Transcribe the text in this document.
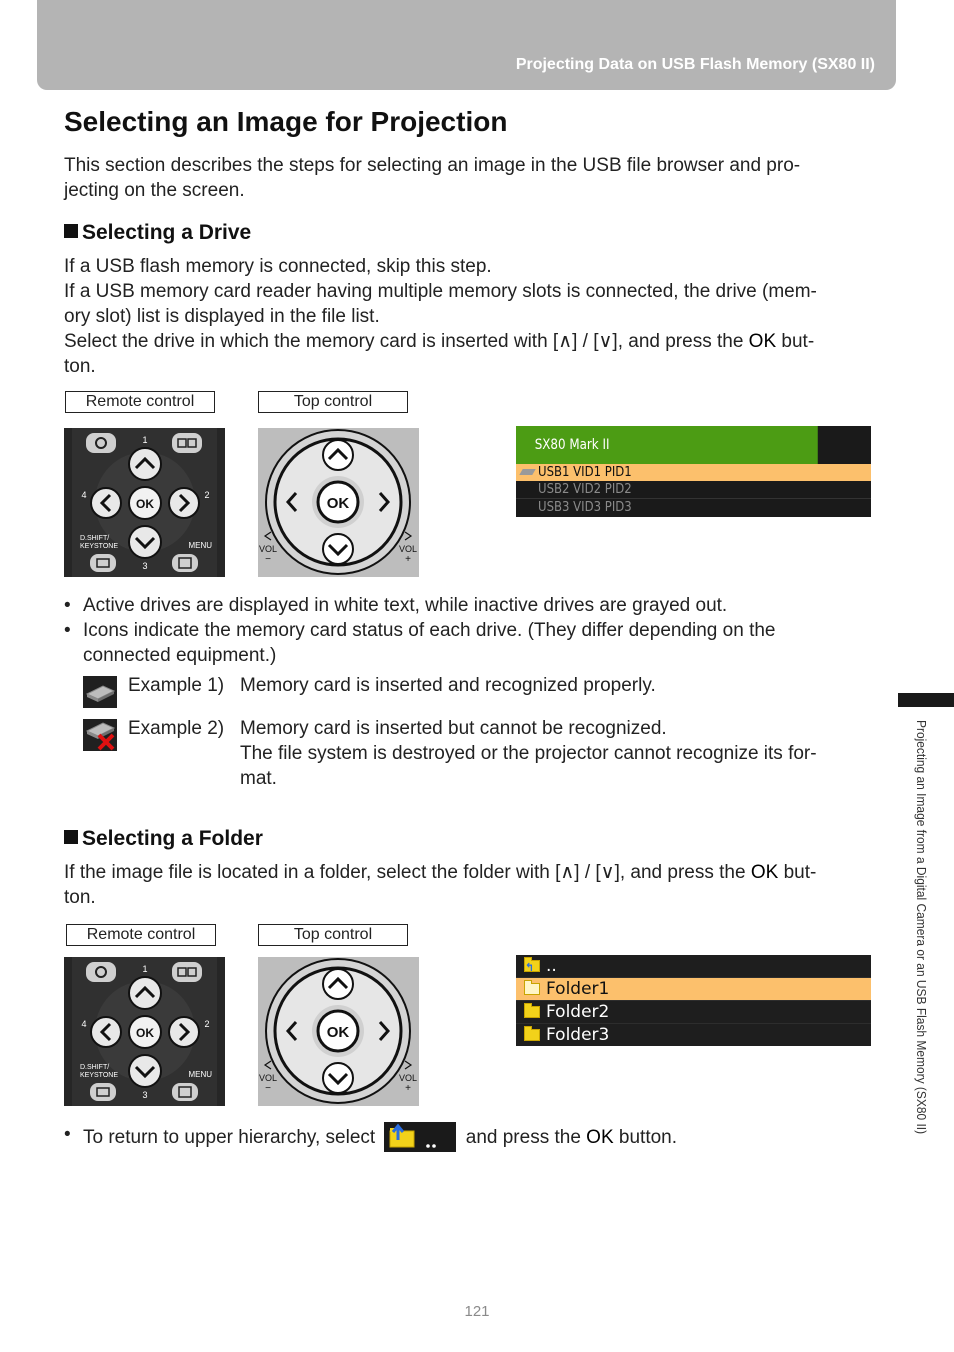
Projecting Data on USB Flash Memory (SX80 II)
Selecting an Image for Projection
This section describes the steps for selecting an image in the USB file browser and pro-
jecting on the screen.
Selecting a Drive
If a USB flash memory is connected, skip this step.
If a USB memory card reader having multiple memory slots is connected, the drive (mem-
ory slot) list is displayed in the file list.
Select the drive in which the memory card is inserted with [∧] / [∨], and press the OK but-
ton.
Remote control	Top control
OK
1
2
3
4
D.SHIFT/
KEYSTONE	MENU
OK
VOL
−
VOL
+
SX80 Mark II
USB1 VID1 PID1
USB2 VID2 PID2
USB3 VID3 PID3
• Active drives are displayed in white text, while inactive drives are grayed out.
• Icons indicate the memory card status of each drive. (They differ depending on the
connected equipment.)
Example 1) Memory card is inserted and recognized properly.
Example 2) Memory card is inserted but cannot be recognized.
The file system is destroyed or the projector cannot recognize its for-
mat.
Selecting a Folder
If the image file is located in a folder, select the folder with [∧] / [∨], and press the OK but-
ton.
Remote control	Top control
OK
1
2
3
4
D.SHIFT/
KEYSTONE	MENU
OK
VOL
−
VOL
+
..
↰
Folder1
Folder2
Folder3
• To return to upper hierarchy, select	and press the OK button.
Projecting an Image from a Digital Camera or an USB Flash Memory (SX80 II)
121
